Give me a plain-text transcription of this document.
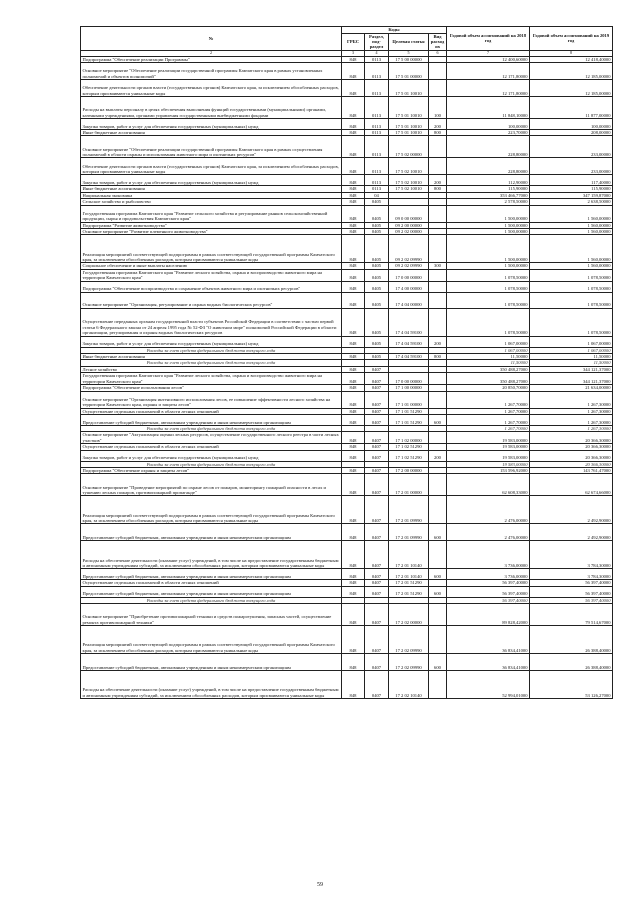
№	Коды				Годовой объем ассигнований на 2018 год	Годовой объем ассигнований на 2019 год
	ГРБС	Раздел, под-раздел	Целевая статья	Вид расходов		
2	3	4	5	6	7	8
Подпрограмма "Обеспечение реализации Программы"	848	0113	17 5 00 00000		12 400,60000	12 418,40000
Основное мероприятие "Обеспечение реализации государственной программы Камчатского края в рамках установленных полномочий и объектов полномочий"	848	0113	17 5 01 00000		12 171,80000	12 185,00000
Обеспечение деятельности органов власти (государственных органов) Камчатского края, за исключением обособленных расходов, которым присваиваются уникальные коды	848	0113	17 5 01 10010		12 171,80000	12 185,00000
Расходы на выплаты персоналу в целях обеспечения выполнения функций государственными (муниципальными) органами, казенными учреждениями, органами управления государственными внебюджетными фондами	848	0113	17 5 01 10010	100	11 848,10000	11 877,00000
Закупка товаров, работ и услуг для обеспечения государственных (муниципальных) нужд	848	0113	17 5 01 10010	200	100,00000	100,00000
Иные бюджетные ассигнования	848	0113	17 5 01 10010	800	223,70000	208,00000
Основное мероприятие "Обеспечение реализации государственной программы Камчатского края в рамках осуществления полномочий в области охраны и использования животного мира и охотничьих ресурсов"	848	0113	17 5 02 00000		228,80000	233,00000
Обеспечение деятельности органов власти (государственных органов) Камчатского края, за исключением обособленных расходов, которым присваиваются уникальные коды	848	0113	17 5 02 10010		228,80000	233,00000
Закупка товаров, работ и услуг для обеспечения государственных (муниципальных) нужд	848	0113	17 5 02 10010	200	112,90000	117,40000
Иные бюджетные ассигнования	848	0113	17 5 02 10010	800	115,90000	115,90000
Национальная экономика	848	04			353 466,77000	347 159,87000
Сельское хозяйство и рыболовство	848	0405			2 578,50000	2 638,50000
Государственная программа Камчатского края "Развитие сельского хозяйства и регулирование рынков сельскохозяйственной продукции, сырья и продовольствия Камчатского края"	848	0405	09 0 00 00000		1 500,00000	1 560,00000
Подпрограмма "Развитие животноводства"	848	0405	09 2 00 00000		1 500,00000	1 560,00000
Основное мероприятие "Развитие племенного животноводства"	848	0405	09 2 02 00000		1 500,00000	1 560,00000
Реализация мероприятий соответствующей подпрограммы в рамках соответствующей государственной программы Камчатского края, за исключением обособленных расходов, которым присваиваются уникальные коды	848	0405	09 2 02 09990		1 500,00000	1 560,00000
Социальное обеспечение и иные выплаты населению	848	0405	09 2 02 09990	300	1 500,00000	1 560,00000
Государственная программа Камчатского края "Развитие лесного хозяйства, охрана и воспроизводство животного мира на территории Камчатского края"	848	0405	17 0 00 00000		1 078,50000	1 078,50000
Подпрограмма "Обеспечение воспроизводства и сохранение объектов животного мира и охотничьих ресурсов"	848	0405	17 4 00 00000		1 078,50000	1 078,50000
Основное мероприятие "Организация, регулирование и охрана водных биологических ресурсов"	848	0405	17 4 04 00000		1 078,50000	1 078,50000
Осуществление переданных органам государственной власти субъектов Российской Федерации в соответствии с частью первой статьи 6 Федерального закона от 24 апреля 1995 года № 52-ФЗ "О животном мире" полномочий Российской Федерации в области организации, регулирования и охраны водных биологических ресурсов	848	0405	17 4 04 59100		1 078,50000	1 078,50000
Закупка товаров, работ и услуг для обеспечения государственных (муниципальных) нужд	848	0405	17 4 04 59100	200	1 067,00000	1 067,00000
Расходы за счет средств федерального бюджета текущего года					1 067,00000	1 067,00000
Иные бюджетные ассигнования	848	0405	17 4 04 59100	800	11,50000	11,50000
Расходы за счет средств федерального бюджета текущего года					11,50000	11,50000
Лесное хозяйство	848	0407			350 488,27000	344 121,37000
Государственная программа Камчатского края "Развитие лесного хозяйства, охрана и воспроизводство животного мира на территории Камчатского края"	848	0407	17 0 00 00000		350 488,27000	344 121,37000
Подпрограмма "Обеспечение использования лесов"	848	0407	17 1 00 00000		20 850,70000	21 634,00000
Основное мероприятие "Организация интенсивного использования лесов, ее повышение эффективности лесного хозяйства на территории Камчатского края, охраны и защиты лесов"	848	0407	17 1 01 00000		1 267,70000	1 267,30000
Осуществление отдельных полномочий в области лесных отношений	848	0407	17 1 01 51290		1 267,70000	1 267,30000
Предоставление субсидий бюджетным, автономным учреждениям и иным некоммерческим организациям	848	0407	17 1 01 51290	600	1 267,70000	1 267,30000
Расходы за счет средств федерального бюджета текущего года					1 267,70000	1 267,30000
Основное мероприятие "Актуализация оценки лесных ресурсов, осуществление государственного лесного реестра в части лесных участков"	848	0407	17 1 02 00000		19 583,00000	20 366,30000
Осуществление отдельных полномочий в области лесных отношений	848	0407	17 1 02 51290		19 583,00000	20 366,30000
Закупка товаров, работ и услуг для обеспечения государственных (муниципальных) нужд	848	0407	17 1 02 51290	200	19 583,00000	20 366,30000
Расходы за счет средств федерального бюджета текущего года					19 583,00000	20 366,30000
Подпрограмма "Обеспечение охраны и защиты лесов"	848	0407	17 2 00 00000		153 596,92000	143 761,47000
Основное мероприятие "Проведение мероприятий по охране лесов от пожаров, мониторингу пожарной опасности в лесах и тушению лесных пожаров, противопожарной пропаганде"	848	0407	17 2 01 00000		62 608,33000	62 674,66000
Реализация мероприятий соответствующей подпрограммы в рамках соответствующей государственной программы Камчатского края, за исключением обособленных расходов, которым присваиваются уникальные коды	848	0407	17 2 01 09990		2 476,00000	2 492,90000
Предоставление субсидий бюджетным, автономным учреждениям и иным некоммерческим организациям	848	0407	17 2 01 09990	600	2 476,00000	2 492,90000
Расходы на обеспечение деятельности (оказание услуг) учреждений, в том числе на предоставление государственным бюджетным и автономным учреждениям субсидий, за исключением обособленных расходов, которым присваиваются уникальные коды	848	0407	17 2 01 10140		3 736,00000	3 784,30000
Предоставление субсидий бюджетным, автономным учреждениям и иным некоммерческим организациям	848	0407	17 2 01 10140	600	3 736,00000	3 784,30000
Осуществление отдельных полномочий в области лесных отношений	848	0407	17 2 01 51290		56 397,40000	56 397,40000
Предоставление субсидий бюджетным, автономным учреждениям и иным некоммерческим организациям	848	0407	17 2 01 51290	600	56 397,40000	56 397,40000
Расходы за счет средств федерального бюджета текущего года					56 397,40000	56 397,40000
Основное мероприятие "Приобретение противопожарной техники и средств пожаротушения, запасных частей, осуществление ремонта противопожарной техники"	848	0407	17 2 02 00000		89 828,42000	79 514,67000
Реализация мероприятий соответствующей подпрограммы в рамках соответствующей государственной программы Камчатского края, за исключением обособленных расходов, которым присваиваются уникальные коды	848	0407	17 2 02 09990		36 834,41000	26 388,40000
Предоставление субсидий бюджетным, автономным учреждениям и иным некоммерческим организациям	848	0407	17 2 02 09990	600	36 834,41000	26 388,40000
Расходы на обеспечение деятельности (оказание услуг) учреждений, в том числе на предоставление государственным бюджетным и автономным учреждениям субсидий, за исключением обособленных расходов, которым присваиваются уникальные коды	848	0407	17 2 02 10140		52 994,01000	53 126,27000
59
